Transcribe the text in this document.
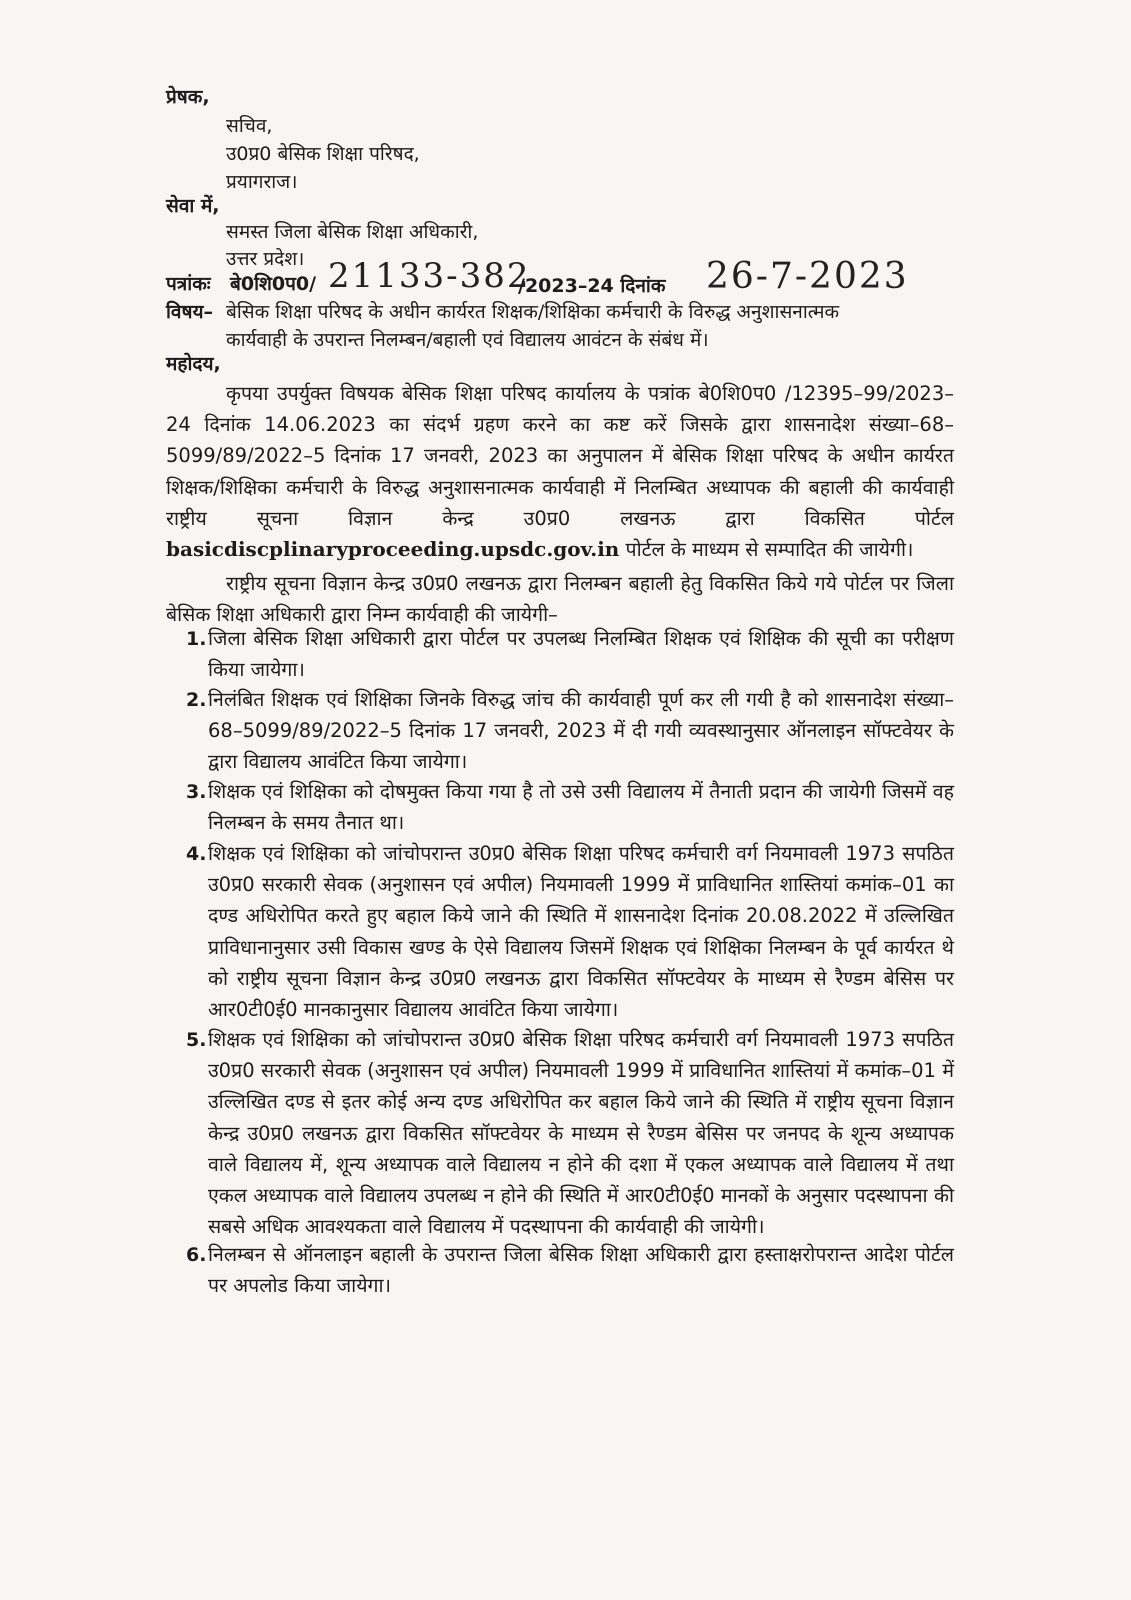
प्रेषक,
सचिव,
उ0प्र0 बेसिक शिक्षा परिषद,
प्रयागराज।
सेवा में,
समस्त जिला बेसिक शिक्षा अधिकारी,
उत्तर प्रदेश।
पत्रांकः बे0शि0प0/ 21133-382
/2023–24 दिनांक 26-7-2023
विषय– बेसिक शिक्षा परिषद के अधीन कार्यरत शिक्षक/शिक्षिका कर्मचारी के विरुद्ध अनुशासनात्मक
कार्यवाही के उपरान्त निलम्बन/बहाली एवं विद्यालय आवंटन के संबंध में।
महोदय,
कृपया उपर्युक्त विषयक बेसिक शिक्षा परिषद कार्यालय के पत्रांक बे0शि0प0 /12395–99/2023–24 दिनांक 14.06.2023 का संदर्भ ग्रहण करने का कष्ट करें जिसके द्वारा शासनादेश संख्या–68–5099/89/2022–5 दिनांक 17 जनवरी, 2023 का अनुपालन में बेसिक शिक्षा परिषद के अधीन कार्यरत शिक्षक/शिक्षिका कर्मचारी के विरुद्ध अनुशासनात्मक कार्यवाही में निलम्बित अध्यापक की बहाली की कार्यवाही राष्ट्रीय सूचना विज्ञान केन्द्र उ0प्र0 लखनऊ द्वारा विकसित पोर्टल basicdiscplinaryproceeding.upsdc.gov.in पोर्टल के माध्यम से सम्पादित की जायेगी।
राष्ट्रीय सूचना विज्ञान केन्द्र उ0प्र0 लखनऊ द्वारा निलम्बन बहाली हेतु विकसित किये गये पोर्टल पर जिला बेसिक शिक्षा अधिकारी द्वारा निम्न कार्यवाही की जायेगी–
1. जिला बेसिक शिक्षा अधिकारी द्वारा पोर्टल पर उपलब्ध निलम्बित शिक्षक एवं शिक्षिक की सूची का परीक्षण किया जायेगा।
2. निलंबित शिक्षक एवं शिक्षिका जिनके विरुद्ध जांच की कार्यवाही पूर्ण कर ली गयी है को शासनादेश संख्या–68–5099/89/2022–5 दिनांक 17 जनवरी, 2023 में दी गयी व्यवस्थानुसार ऑनलाइन सॉफ्टवेयर के द्वारा विद्यालय आवंटित किया जायेगा।
3. शिक्षक एवं शिक्षिका को दोषमुक्त किया गया है तो उसे उसी विद्यालय में तैनाती प्रदान की जायेगी जिसमें वह निलम्बन के समय तैनात था।
4. शिक्षक एवं शिक्षिका को जांचोपरान्त उ0प्र0 बेसिक शिक्षा परिषद कर्मचारी वर्ग नियमावली 1973 सपठित उ0प्र0 सरकारी सेवक (अनुशासन एवं अपील) नियमावली 1999 में प्राविधानित शास्तियां कमांक–01 का दण्ड अधिरोपित करते हुए बहाल किये जाने की स्थिति में शासनादेश दिनांक 20.08.2022 में उल्लिखित प्राविधानानुसार उसी विकास खण्ड के ऐसे विद्यालय जिसमें शिक्षक एवं शिक्षिका निलम्बन के पूर्व कार्यरत थे को राष्ट्रीय सूचना विज्ञान केन्द्र उ0प्र0 लखनऊ द्वारा विकसित सॉफ्टवेयर के माध्यम से रैण्डम बेसिस पर आर0टी0ई0 मानकानुसार विद्यालय आवंटित किया जायेगा।
5. शिक्षक एवं शिक्षिका को जांचोपरान्त उ0प्र0 बेसिक शिक्षा परिषद कर्मचारी वर्ग नियमावली 1973 सपठित उ0प्र0 सरकारी सेवक (अनुशासन एवं अपील) नियमावली 1999 में प्राविधानित शास्तियां में कमांक–01 में उल्लिखित दण्ड से इतर कोई अन्य दण्ड अधिरोपित कर बहाल किये जाने की स्थिति में राष्ट्रीय सूचना विज्ञान केन्द्र उ0प्र0 लखनऊ द्वारा विकसित सॉफ्टवेयर के माध्यम से रैण्डम बेसिस पर जनपद के शून्य अध्यापक वाले विद्यालय में, शून्य अध्यापक वाले विद्यालय न होने की दशा में एकल अध्यापक वाले विद्यालय में तथा एकल अध्यापक वाले विद्यालय उपलब्ध न होने की स्थिति में आर0टी0ई0 मानकों के अनुसार पदस्थापना की सबसे अधिक आवश्यकता वाले विद्यालय में पदस्थापना की कार्यवाही की जायेगी।
6. निलम्बन से ऑनलाइन बहाली के उपरान्त जिला बेसिक शिक्षा अधिकारी द्वारा हस्ताक्षरोपरान्त आदेश पोर्टल पर अपलोड किया जायेगा।
